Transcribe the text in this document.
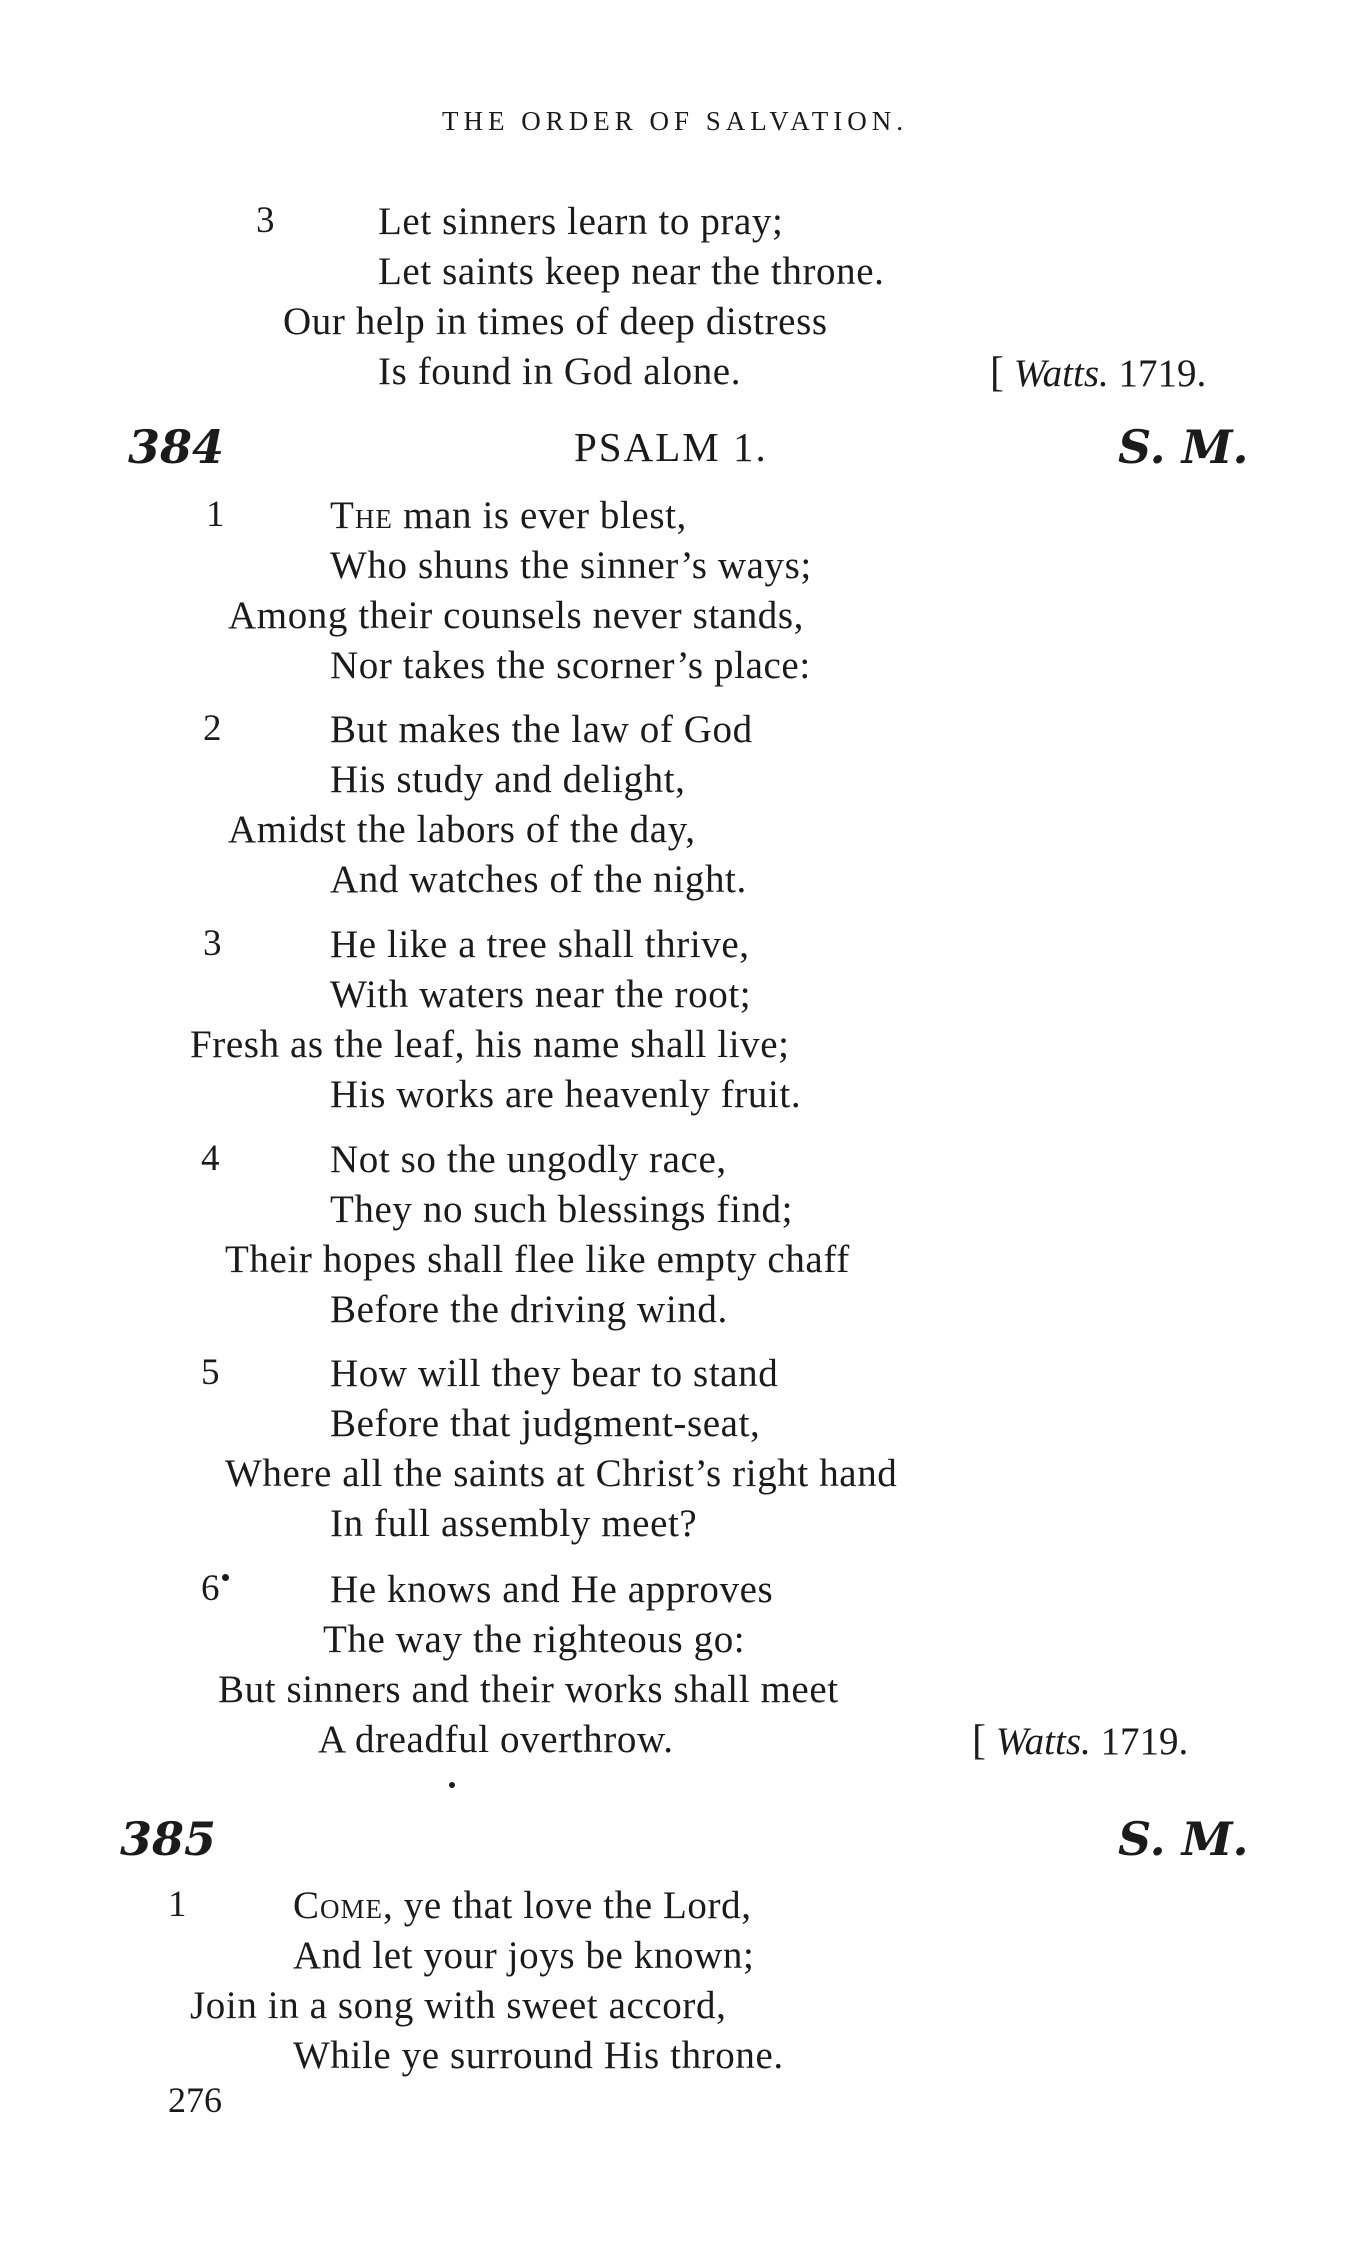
THE ORDER OF SALVATION.
3	Let sinners learn to pray;
Let saints keep near the throne.
Our help in times of deep distress
Is found in God alone.	[ Watts. 1719.
384	PSALM 1.	S. M.
1	The man is ever blest,
Who shuns the sinner’s ways;
Among their counsels never stands,
Nor takes the scorner’s place:
2	But makes the law of God
His study and delight,
Amidst the labors of the day,
And watches of the night.
3	He like a tree shall thrive,
With waters near the root;
Fresh as the leaf, his name shall live;
His works are heavenly fruit.
4	Not so the ungodly race,
They no such blessings find;
Their hopes shall flee like empty chaff
Before the driving wind.
5	How will they bear to stand
Before that judgment-seat,
Where all the saints at Christ’s right hand
In full assembly meet?
6	He knows and He approves
The way the righteous go:
But sinners and their works shall meet
A dreadful overthrow.	[ Watts. 1719.
385	S. M.
1	Come, ye that love the Lord,
And let your joys be known;
Join in a song with sweet accord,
While ye surround His throne.
276
